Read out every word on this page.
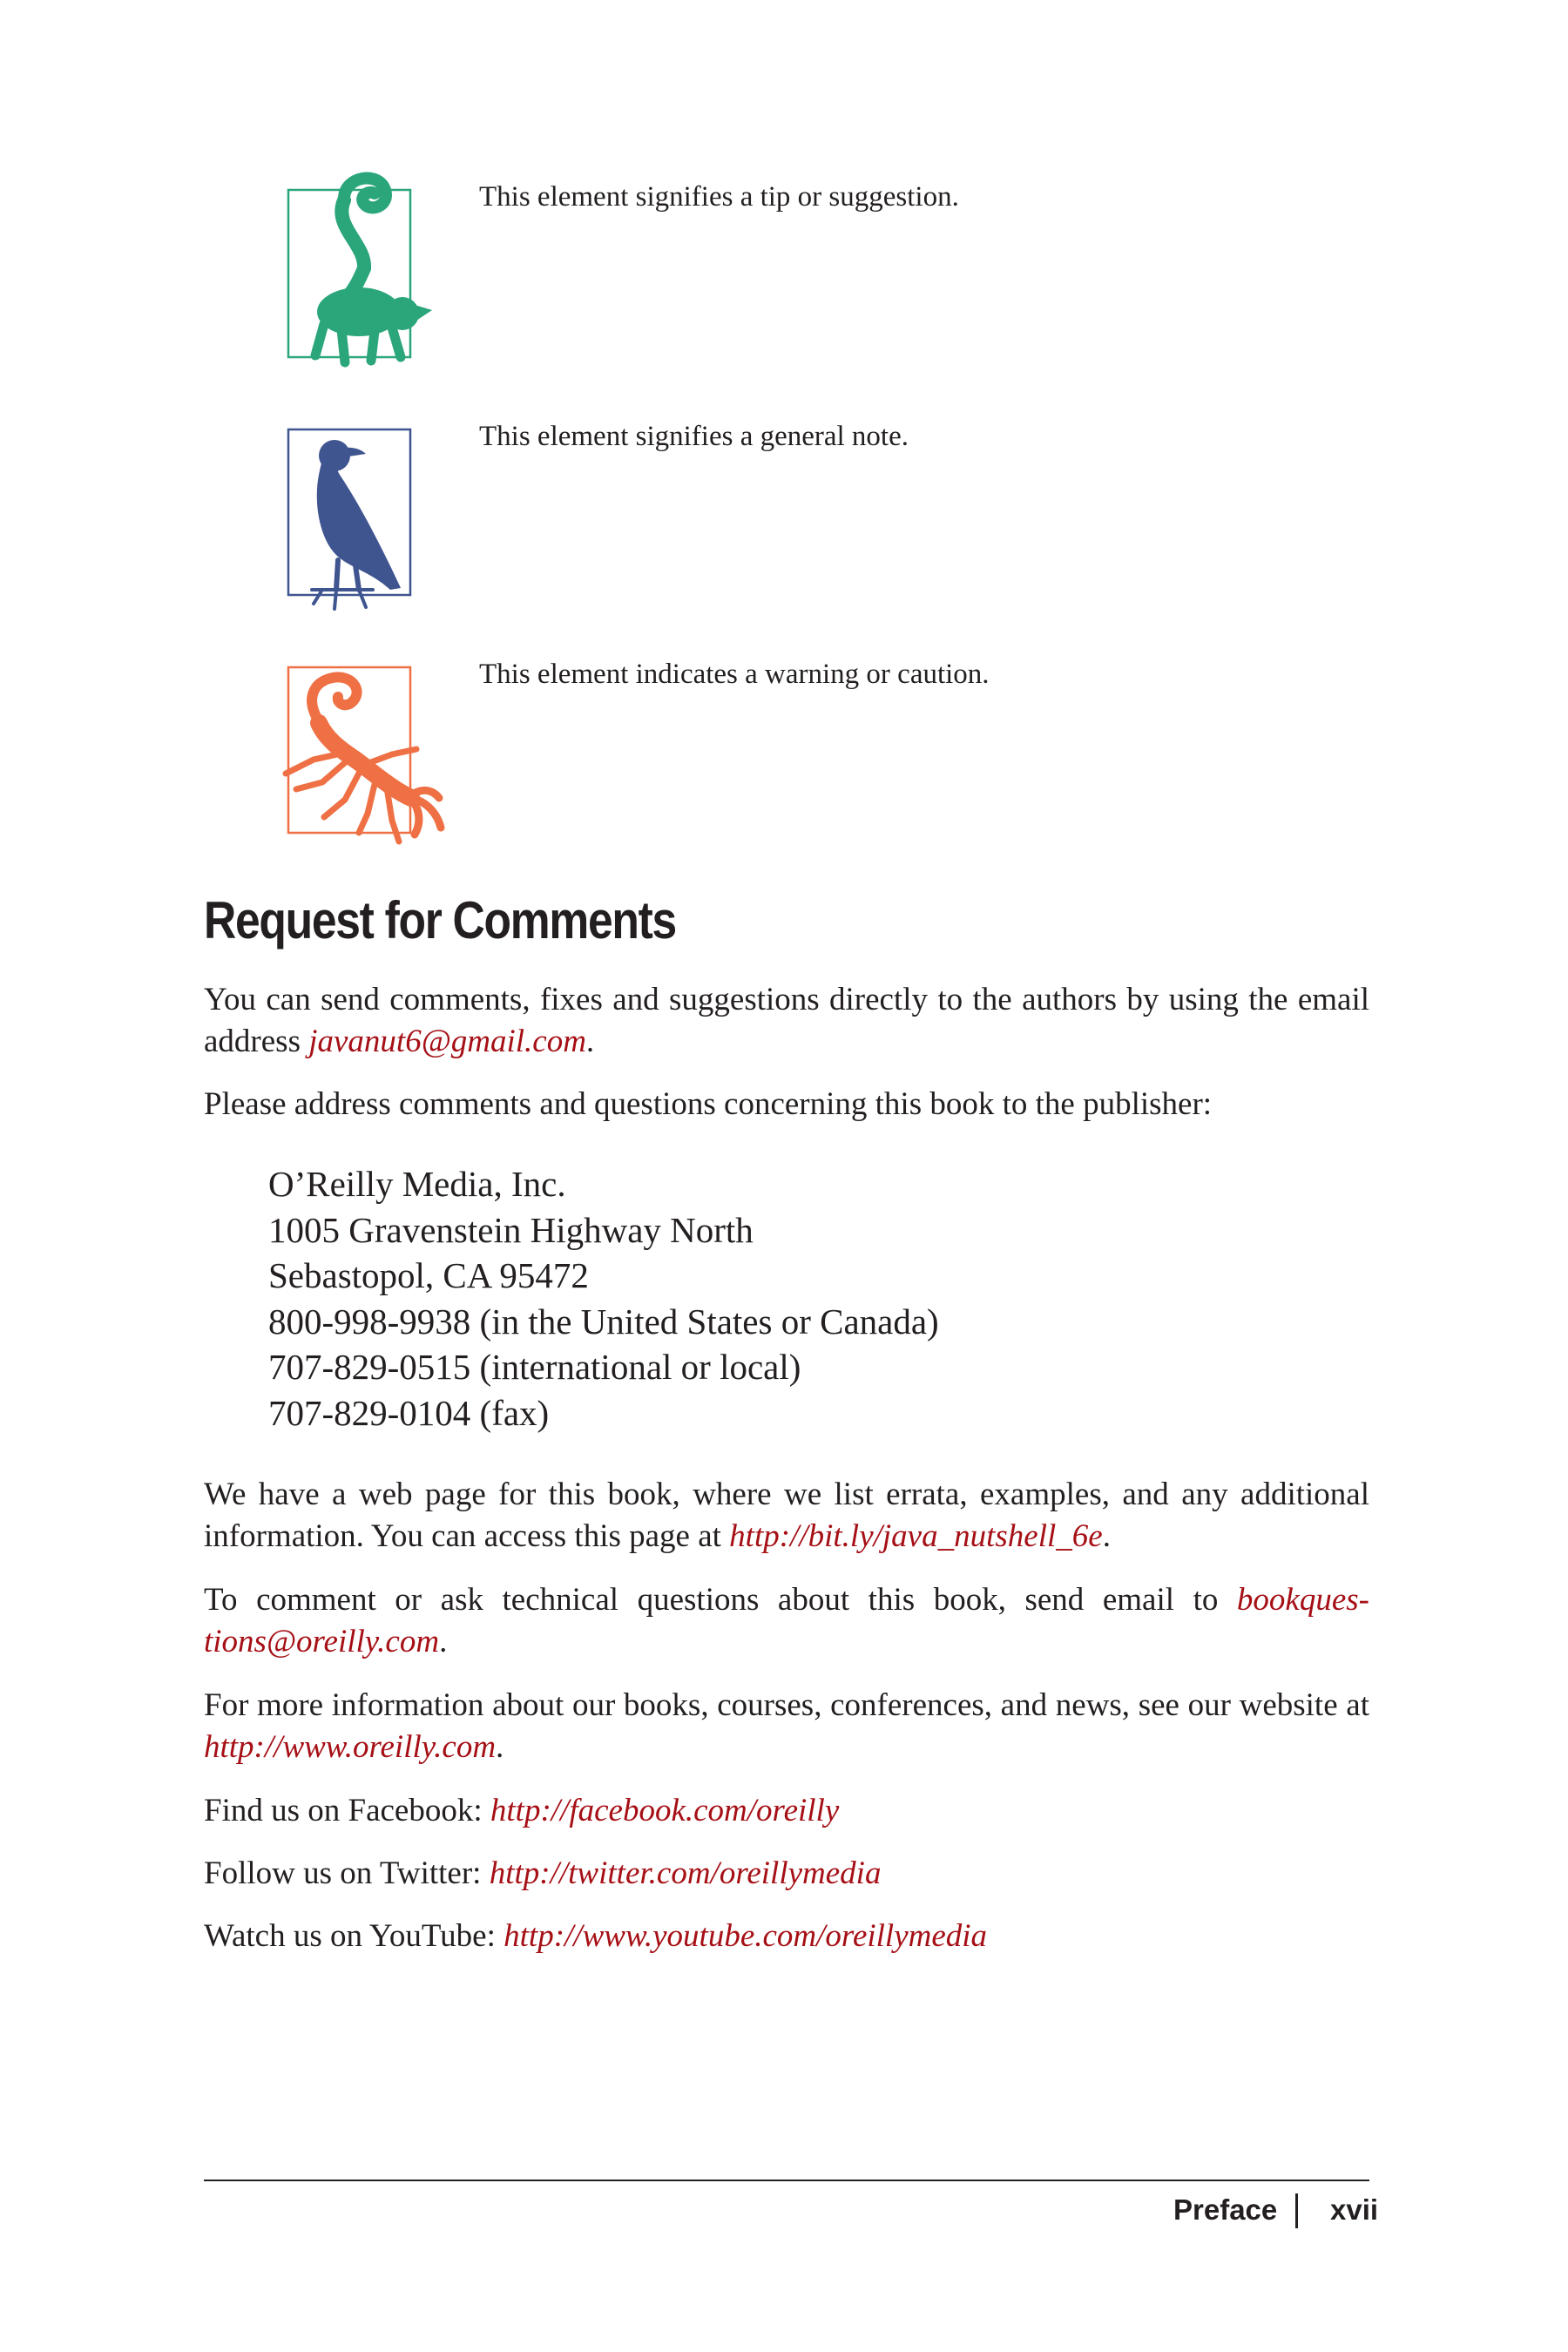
This element signifies a tip or suggestion.
This element signifies a general note.
This element indicates a warning or caution.
Request for Comments

You can send comments, fixes and suggestions directly to the authors by using the email address javanut6@gmail.com.

Please address comments and questions concerning this book to the publisher:

O’Reilly Media, Inc.
1005 Gravenstein Highway North
Sebastopol, CA 95472
800-998-9938 (in the United States or Canada)
707-829-0515 (international or local)
707-829-0104 (fax)

We have a web page for this book, where we list errata, examples, and any additional information. You can access this page at http://bit.ly/java_nutshell_6e.

To comment or ask technical questions about this book, send email to bookquestions@oreilly.com.

For more information about our books, courses, conferences, and news, see our website at http://www.oreilly.com.

Find us on Facebook: http://facebook.com/oreilly

Follow us on Twitter: http://twitter.com/oreillymedia

Watch us on YouTube: http://www.youtube.com/oreillymedia

Preface xvii
